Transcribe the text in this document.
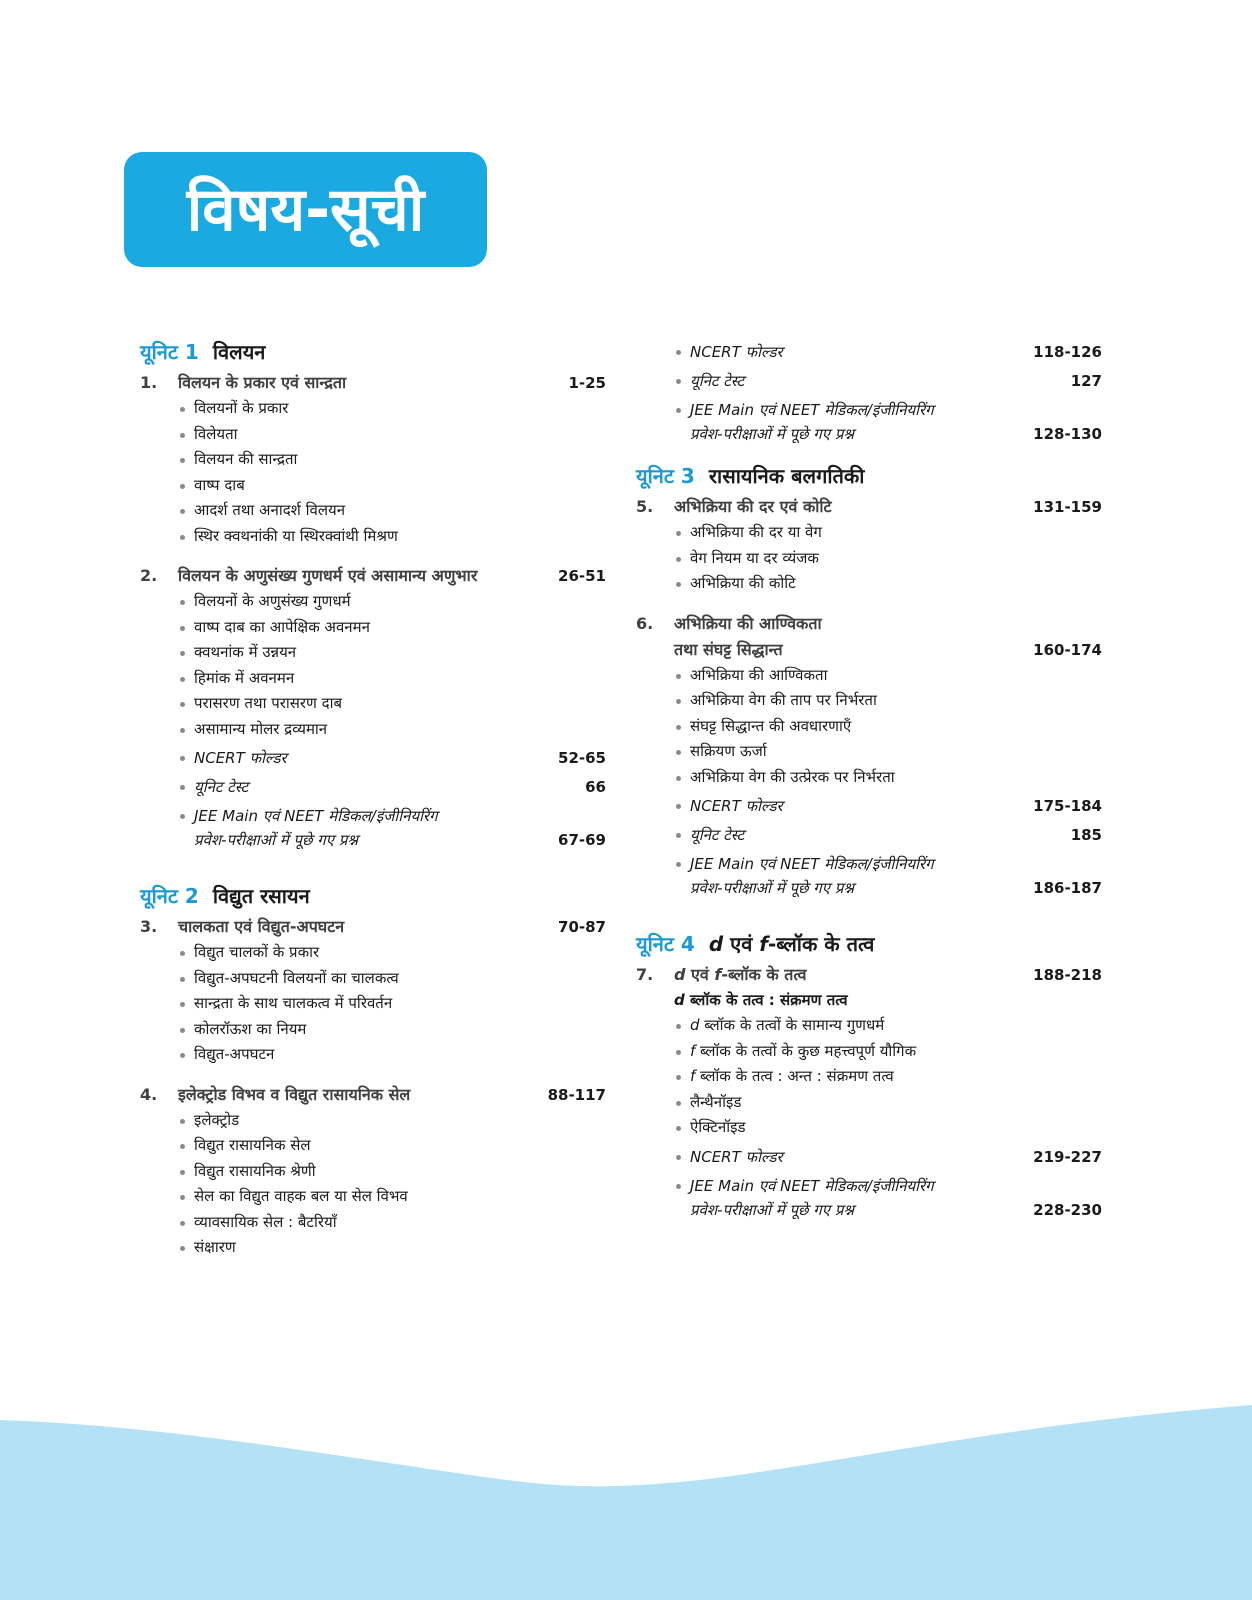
विषय-सूची
यूनिट 1 विलयन
1.	विलयन के प्रकार एवं सान्द्रता	1-25
विलयनों के प्रकार
विलेयता
विलयन की सान्द्रता
वाष्प दाब
आदर्श तथा अनादर्श विलयन
स्थिर क्वथनांकी या स्थिरक्वांथी मिश्रण
2.	विलयन के अणुसंख्य गुणधर्म एवं असामान्य अणुभार	26-51
विलयनों के अणुसंख्य गुणधर्म
वाष्प दाब का आपेक्षिक अवनमन
क्वथनांक में उन्नयन
हिमांक में अवनमन
परासरण तथा परासरण दाब
असामान्य मोलर द्रव्यमान
NCERT फोल्डर	52-65
यूनिट टेस्ट	66
JEE Main एवं NEET मेडिकल/इंजीनियरिंग
प्रवेश-परीक्षाओं में पूछे गए प्रश्न	67-69
यूनिट 2 विद्युत रसायन
3.	चालकता एवं विद्युत-अपघटन	70-87
विद्युत चालकों के प्रकार
विद्युत-अपघटनी विलयनों का चालकत्व
सान्द्रता के साथ चालकत्व में परिवर्तन
कोलरॉऊश का नियम
विद्युत-अपघटन
4.	इलेक्ट्रोड विभव व विद्युत रासायनिक सेल	88-117
इलेक्ट्रोड
विद्युत रासायनिक सेल
विद्युत रासायनिक श्रेणी
सेल का विद्युत वाहक बल या सेल विभव
व्यावसायिक सेल : बैटरियाँ
संक्षारण
NCERT फोल्डर	118-126
यूनिट टेस्ट	127
JEE Main एवं NEET मेडिकल/इंजीनियरिंग
प्रवेश-परीक्षाओं में पूछे गए प्रश्न	128-130
यूनिट 3 रासायनिक बलगतिकी
5.	अभिक्रिया की दर एवं कोटि	131-159
अभिक्रिया की दर या वेग
वेग नियम या दर व्यंजक
अभिक्रिया की कोटि
6.	अभिक्रिया की आण्विकता
तथा संघट्ट सिद्धान्त	160-174
अभिक्रिया की आण्विकता
अभिक्रिया वेग की ताप पर निर्भरता
संघट्ट सिद्धान्त की अवधारणाएँ
सक्रियण ऊर्जा
अभिक्रिया वेग की उत्प्रेरक पर निर्भरता
NCERT फोल्डर	175-184
यूनिट टेस्ट	185
JEE Main एवं NEET मेडिकल/इंजीनियरिंग
प्रवेश-परीक्षाओं में पूछे गए प्रश्न	186-187
यूनिट 4 d एवं f-ब्लॉक के तत्व
7.	d एवं f-ब्लॉक के तत्व	188-218
d ब्लॉक के तत्व : संक्रमण तत्व
d ब्लॉक के तत्वों के सामान्य गुणधर्म
f ब्लॉक के तत्वों के कुछ महत्त्वपूर्ण यौगिक
f ब्लॉक के तत्व : अन्त : संक्रमण तत्व
लैन्थैनॉइड
ऐक्टिनॉइड
NCERT फोल्डर	219-227
JEE Main एवं NEET मेडिकल/इंजीनियरिंग
प्रवेश-परीक्षाओं में पूछे गए प्रश्न	228-230
